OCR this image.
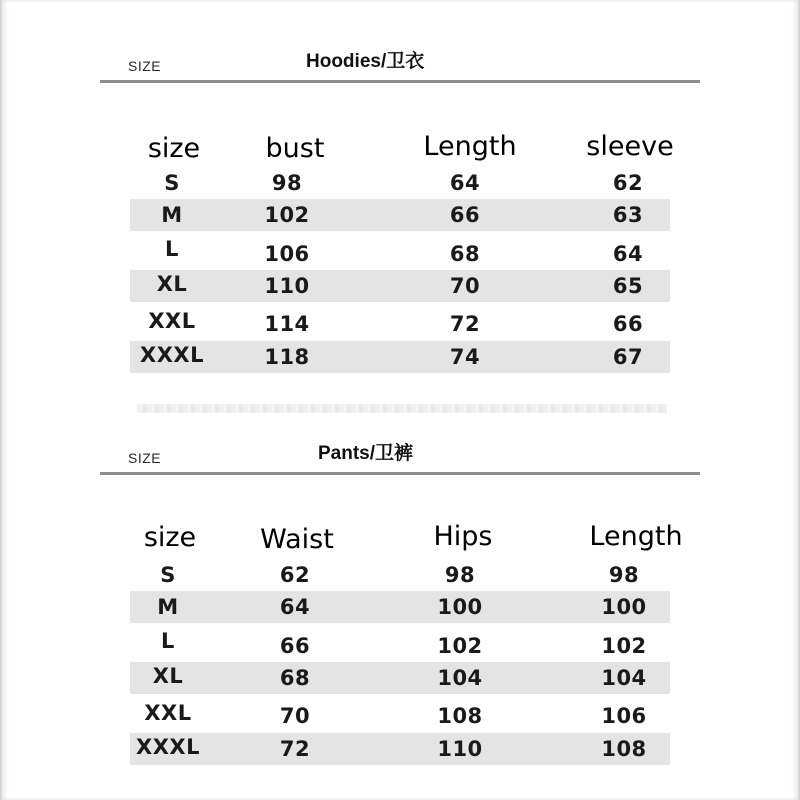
SIZE	Hoodies/卫衣
size	bust	Length	sleeve
S	98	64	62
M	102	66	63
L	106	68	64
XL	110	70	65
XXL	114	72	66
XXXL	118	74	67
SIZE	Pants/卫裤
size	Waist	Hips	Length
S	62	98	98
M	64	100	100
L	66	102	102
XL	68	104	104
XXL	70	108	106
XXXL	72	110	108
